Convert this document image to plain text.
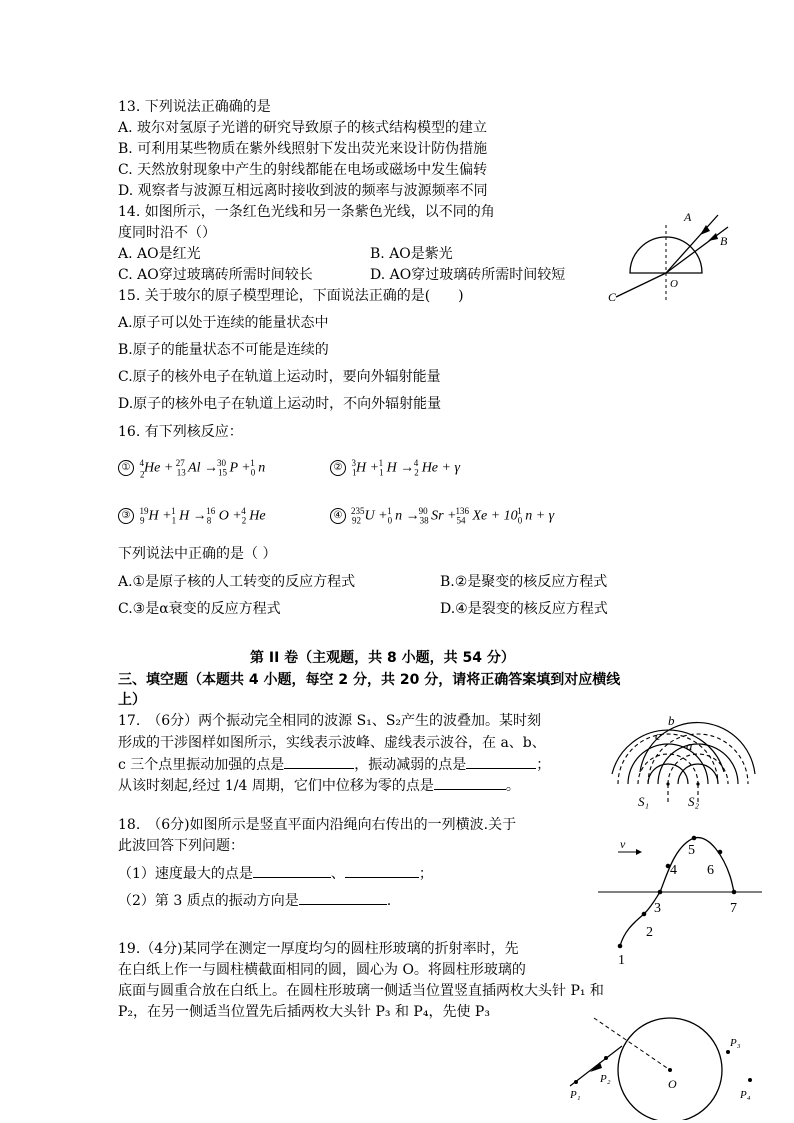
13. 下列说法正确确的是
A. 玻尔对氢原子光谱的研究导致原子的核式结构模型的建立
B. 可利用某些物质在紫外线照射下发出荧光来设计防伪措施
C. 天然放射现象中产生的射线都能在电场或磁场中发生偏转
D. 观察者与波源互相远离时接收到波的频率与波源频率不同
14. 如图所示，一条红色光线和另一条紫色光线，以不同的角
度同时沿不（）
A. AO是红光	B. AO是紫光
C. AO穿过玻璃砖所需时间较长	D. AO穿过玻璃砖所需时间较短
A
B
C
O
15. 关于玻尔的原子模型理论，下面说法正确的是(　　)
A.原子可以处于连续的能量状态中
B.原子的能量状态不可能是连续的
C.原子的核外电子在轨道上运动时，要向外辐射能量
D.原子的核外电子在轨道上运动时，不向外辐射能量
16. 有下列核反应：
$①_2^4He + _{13}^{27}$ $Al \to_{15}^{30}$ $P +_0^1$ n	② $_1^3H +_1^1$ $H \to_2^4$ He + γ
③ $_9^{19}H +_1^1$ $H \to_8^{16}$ $O +_2^4$ He	④ $_{92}^{235}U +_0^1$ $n \to_{38}^{90}$ $Sr +_{54}^{136}$ $Xe + 10_0^1$ n + γ
下列说法中正确的是（ ）
A.①是原子核的人工转变的反应方程式	B.②是聚变的核反应方程式
C.③是α衰变的反应方程式	D.④是裂变的核反应方程式
第 II 卷（主观题，共 8 小题，共 54 分）
三、填空题（本题共 4 小题，每空 2 分，共 20 分，请将正确答案填到对应横线
上）
17.　（6分）两个振动完全相同的波源 S₁、S₂产生的波叠加。某时刻
形成的干涉图样如图所示，实线表示波峰、虚线表示波谷，在 a、b、
c 三个点里振动加强的点是	，振动减弱的点是	；
从该时刻起,经过 1/4 周期，它们中位移为零的点是	。
b
c
a
S₁	S₂
18.　（6分)如图所示是竖直平面内沿绳向右传出的一列横波.关于
此波回答下列问题：
（1）速度最大的点是	、	；
（2）第 3 质点的振动方向是	.
v
1
2
3
4
5
6
7
19.（4分)某同学在测定一厚度均匀的圆柱形玻璃的折射率时，先
在白纸上作一与圆柱横截面相同的圆，圆心为 O。将圆柱形玻璃的
底面与圆重合放在白纸上。在圆柱形玻璃一侧适当位置竖直插两枚大头针 P₁ 和
P₂，在另一侧适当位置先后插两枚大头针 P₃ 和 P₄，先使 P₃
P₁
P₂	O
P₃
P₄
